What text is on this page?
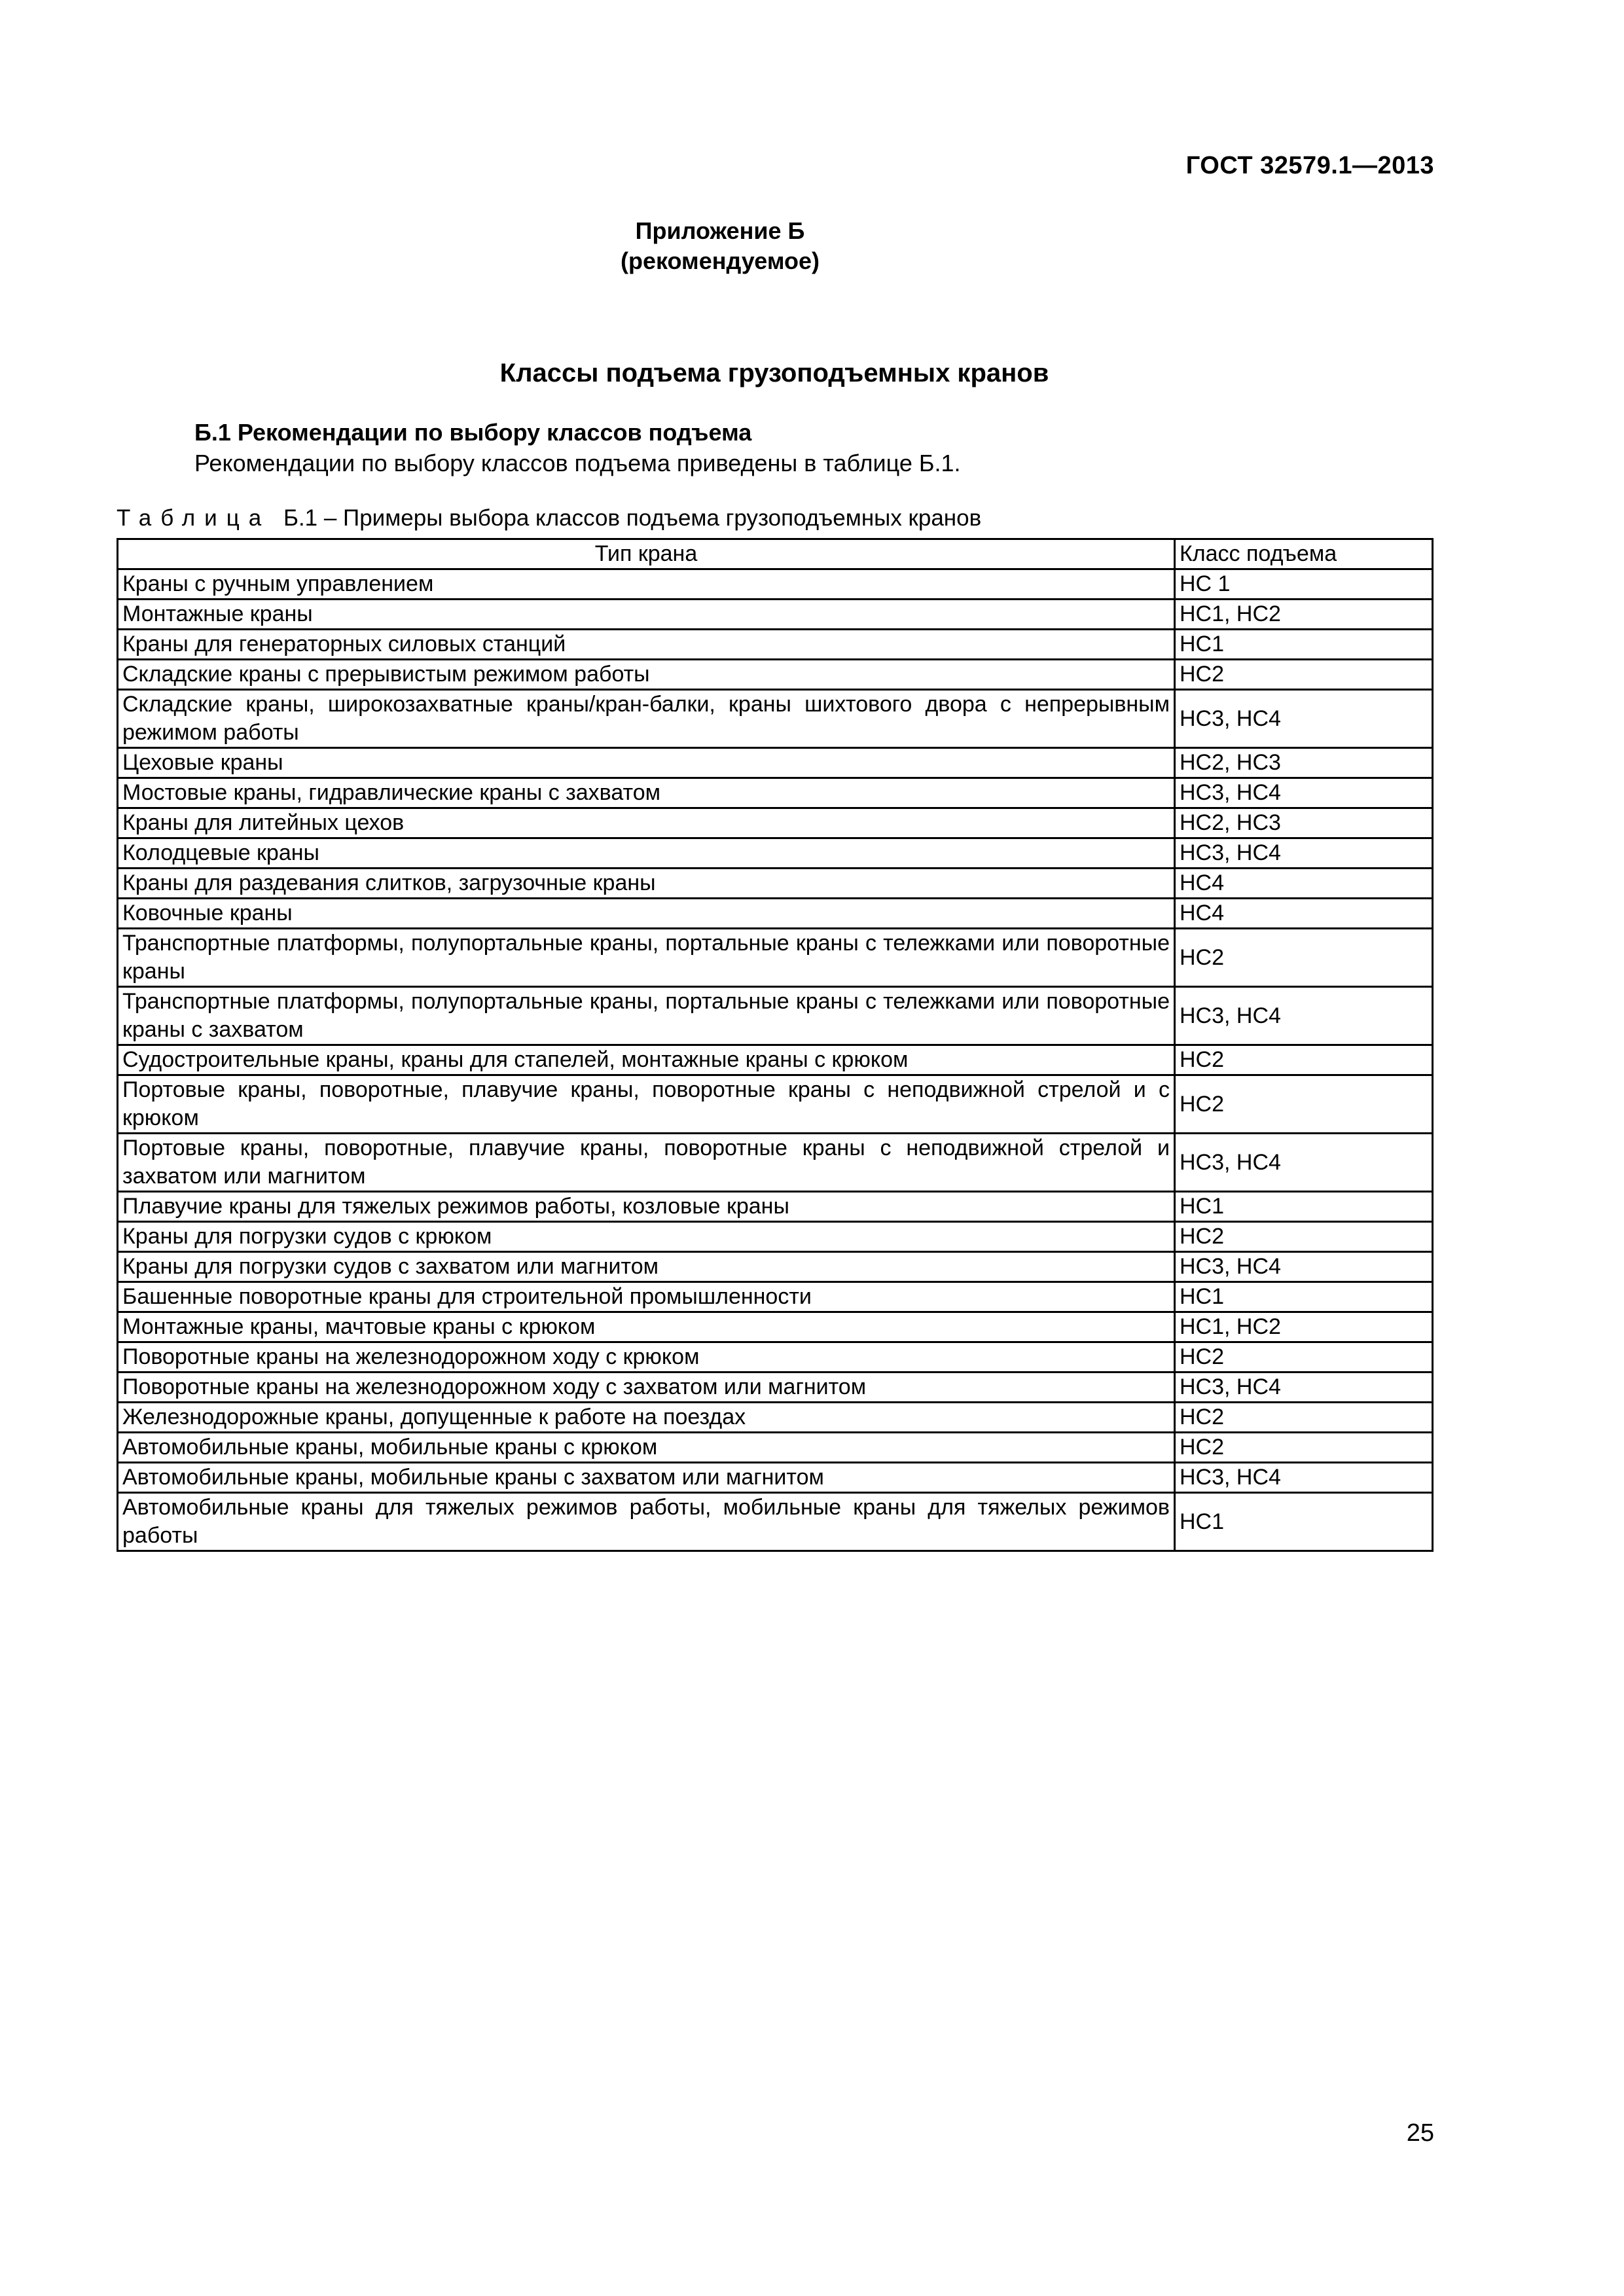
ГОСТ 32579.1—2013
Приложение Б
(рекомендуемое)
Классы подъема грузоподъемных кранов
Б.1 Рекомендации по выбору классов подъема
Рекомендации по выбору классов подъема приведены в таблице Б.1.
Таблица Б.1 – Примеры выбора классов подъема грузоподъемных кранов
Тип крана	Класс подъема
Краны с ручным управлением	НС 1
Монтажные краны	НС1, НС2
Краны для генераторных силовых станций	НС1
Складские краны с прерывистым режимом работы	НС2
Складские краны, широкозахватные краны/кран-балки, краны шихтового двора с непрерывным режимом работы	НС3, НС4
Цеховые краны	НС2, НС3
Мостовые краны, гидравлические краны с захватом	НС3, НС4
Краны для литейных цехов	НС2, НС3
Колодцевые краны	НС3, НС4
Краны для раздевания слитков, загрузочные краны	НС4
Ковочные краны	НС4
Транспортные платформы, полупортальные краны, портальные краны с тележками или поворотные краны	НС2
Транспортные платформы, полупортальные краны, портальные краны с тележками или поворотные краны с захватом	НС3, НС4
Судостроительные краны, краны для стапелей, монтажные краны с крюком	НС2
Портовые краны, поворотные, плавучие краны, поворотные краны с неподвижной стрелой и с крюком	НС2
Портовые краны, поворотные, плавучие краны, поворотные краны с неподвижной стрелой и захватом или магнитом	НС3, НС4
Плавучие краны для тяжелых режимов работы, козловые краны	НС1
Краны для погрузки судов с крюком	НС2
Краны для погрузки судов с захватом или магнитом	НС3, НС4
Башенные поворотные краны для строительной промышленности	НС1
Монтажные краны, мачтовые краны с крюком	НС1, НС2
Поворотные краны на железнодорожном ходу с крюком	НС2
Поворотные краны на железнодорожном ходу с захватом или магнитом	НС3, НС4
Железнодорожные краны, допущенные к работе на поездах	НС2
Автомобильные краны, мобильные краны с крюком	НС2
Автомобильные краны, мобильные краны с захватом или магнитом	НС3, НС4
Автомобильные краны для тяжелых режимов работы, мобильные краны для тяжелых режимов работы	НС1
25
